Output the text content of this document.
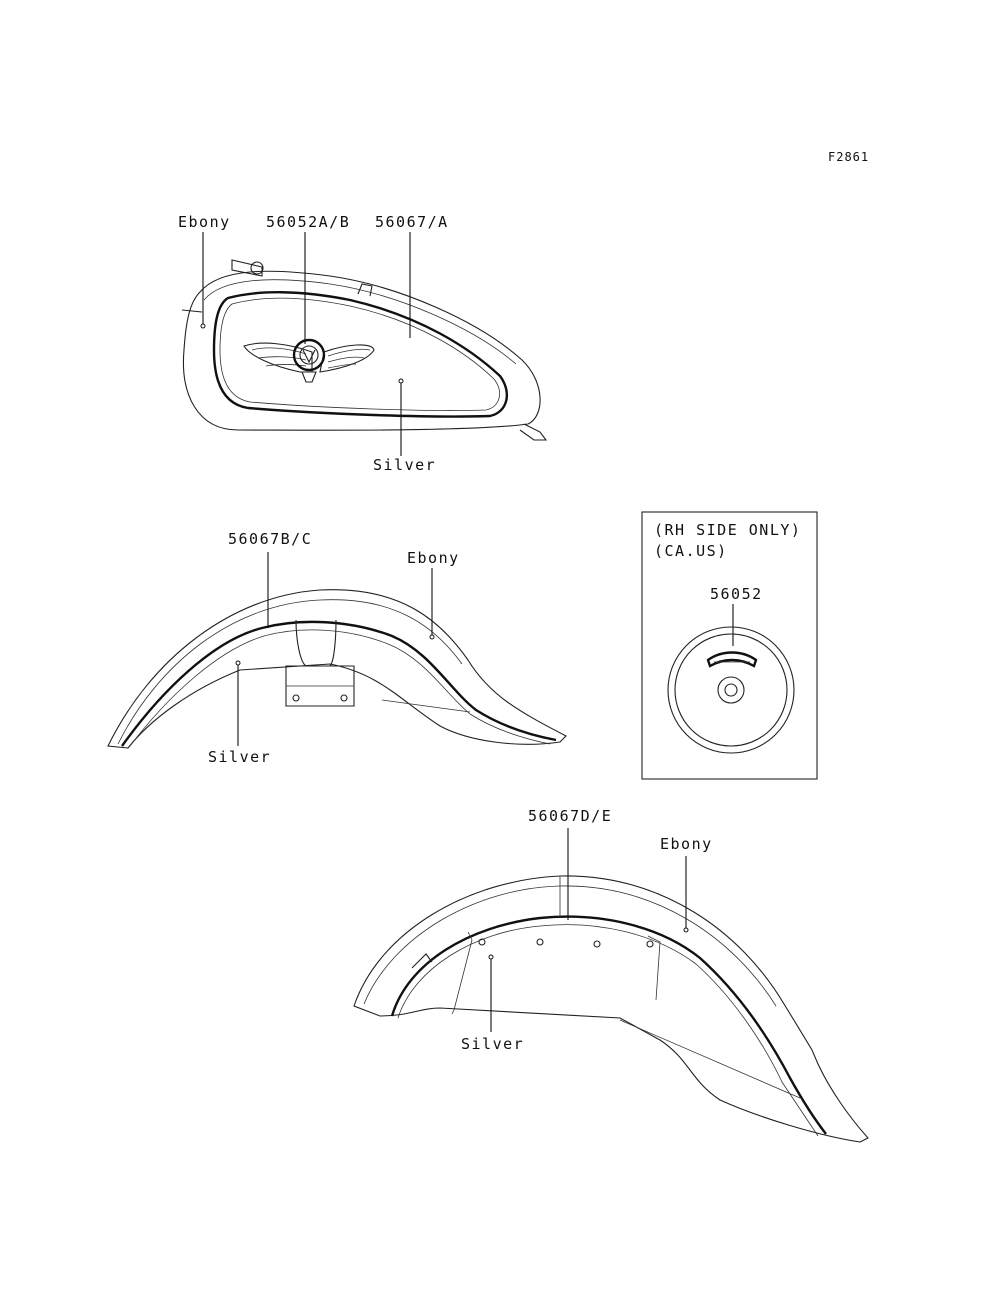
F2861
Ebony 56052A/B 56067/A
Silver
56067B/C
Ebony
Silver
(RH SIDE ONLY)
(CA.US)
56052
56067D/E
Ebony
Silver
